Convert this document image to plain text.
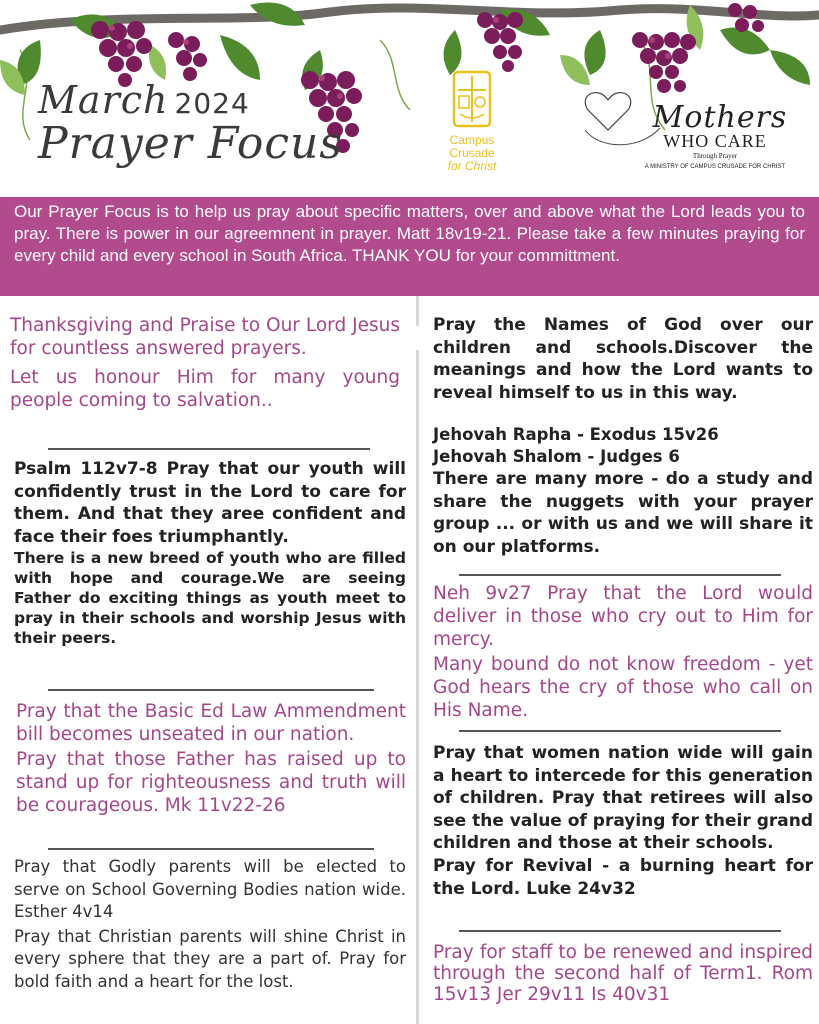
March 2024
Prayer Focus	Campus
Crusade
for Christ
Mothers
WHO CARE
Through Prayer
A MINISTRY OF CAMPUS CRUSADE FOR CHRIST

Our Prayer Focus is to help us pray about specific matters, over and above what the Lord leads you to pray. There is power in our agreemnent in prayer. Matt 18v19-21. Please take a few minutes praying for every child and every school in South Africa. THANK YOU for your committment.

Thanksgiving and Praise to Our Lord Jesus for countless answered prayers.

Let us honour Him for many young people coming to salvation..

Psalm 112v7-8 Pray that our youth will confidently trust in the Lord to care for them. And that they aree confident and face their foes triumphantly.

There is a new breed of youth who are filled with hope and courage.We are seeing Father do exciting things as youth meet to pray in their schools and worship Jesus with their peers.

Pray that the Basic Ed Law Ammendment bill becomes unseated in our nation.

Pray that those Father has raised up to stand up for righteousness and truth will be courageous. Mk 11v22-26

Pray that Godly parents will be elected to serve on School Governing Bodies nation wide. Esther 4v14

Pray that Christian parents will shine Christ in every sphere that they are a part of. Pray for bold faith and a heart for the lost.

Pray the Names of God over our children and schools.Discover the meanings and how the Lord wants to reveal himself to us in this way.

Jehovah Rapha - Exodus 15v26

Jehovah Shalom - Judges 6

There are many more - do a study and share the nuggets with your prayer group ... or with us and we will share it on our platforms.

Neh 9v27 Pray that the Lord would deliver in those who cry out to Him for mercy.

Many bound do not know freedom - yet God hears the cry of those who call on His Name.

Pray that women nation wide will gain a heart to intercede for this generation of children. Pray that retirees will also see the value of praying for their grand children and those at their schools.

Pray for Revival - a burning heart for the Lord. Luke 24v32

Pray for staff to be renewed and inspired through the second half of Term1. Rom 15v13 Jer 29v11 Is 40v31
